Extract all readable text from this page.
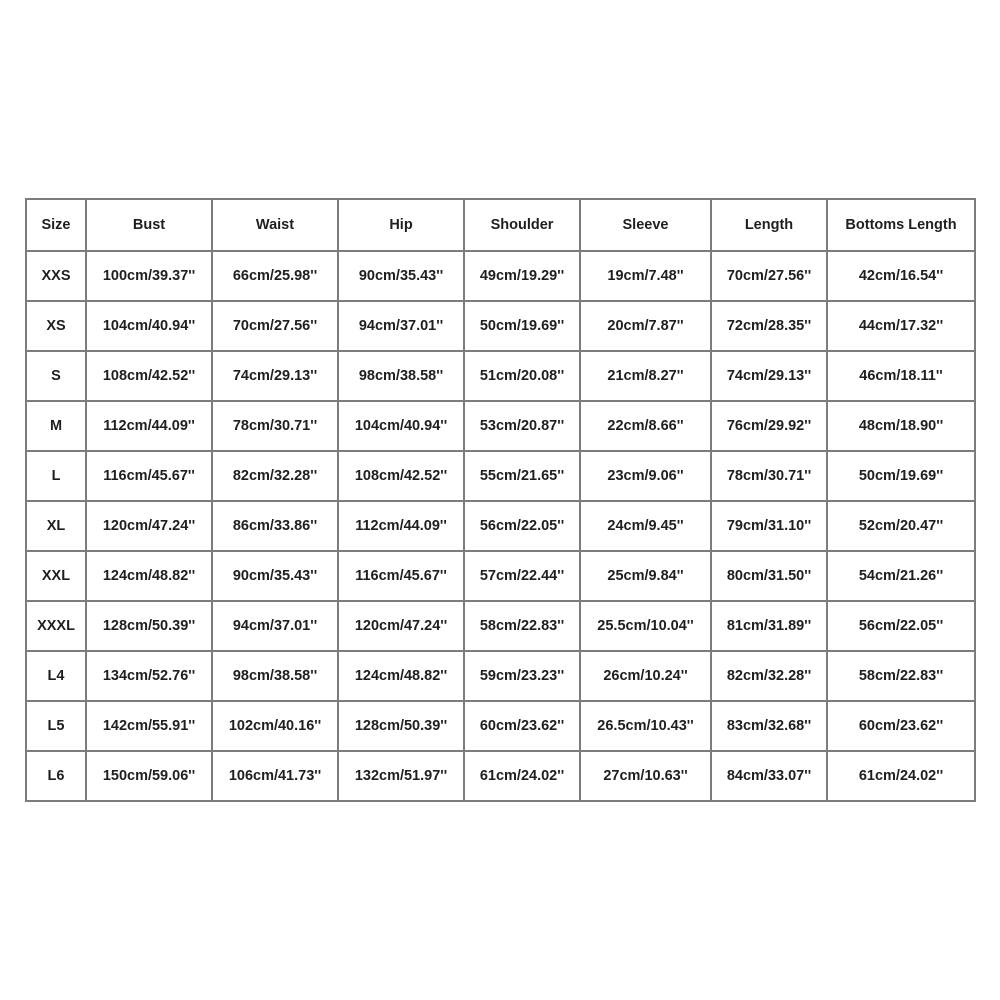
Size	Bust	Waist	Hip	Shoulder	Sleeve	Length	Bottoms Length
XXS	100cm/39.37''	66cm/25.98''	90cm/35.43''	49cm/19.29''	19cm/7.48''	70cm/27.56''	42cm/16.54''
XS	104cm/40.94''	70cm/27.56''	94cm/37.01''	50cm/19.69''	20cm/7.87''	72cm/28.35''	44cm/17.32''
S	108cm/42.52''	74cm/29.13''	98cm/38.58''	51cm/20.08''	21cm/8.27''	74cm/29.13''	46cm/18.11''
M	112cm/44.09''	78cm/30.71''	104cm/40.94''	53cm/20.87''	22cm/8.66''	76cm/29.92''	48cm/18.90''
L	116cm/45.67''	82cm/32.28''	108cm/42.52''	55cm/21.65''	23cm/9.06''	78cm/30.71''	50cm/19.69''
XL	120cm/47.24''	86cm/33.86''	112cm/44.09''	56cm/22.05''	24cm/9.45''	79cm/31.10''	52cm/20.47''
XXL	124cm/48.82''	90cm/35.43''	116cm/45.67''	57cm/22.44''	25cm/9.84''	80cm/31.50''	54cm/21.26''
XXXL	128cm/50.39''	94cm/37.01''	120cm/47.24''	58cm/22.83''	25.5cm/10.04''	81cm/31.89''	56cm/22.05''
L4	134cm/52.76''	98cm/38.58''	124cm/48.82''	59cm/23.23''	26cm/10.24''	82cm/32.28''	58cm/22.83''
L5	142cm/55.91''	102cm/40.16''	128cm/50.39''	60cm/23.62''	26.5cm/10.43''	83cm/32.68''	60cm/23.62''
L6	150cm/59.06''	106cm/41.73''	132cm/51.97''	61cm/24.02''	27cm/10.63''	84cm/33.07''	61cm/24.02''
